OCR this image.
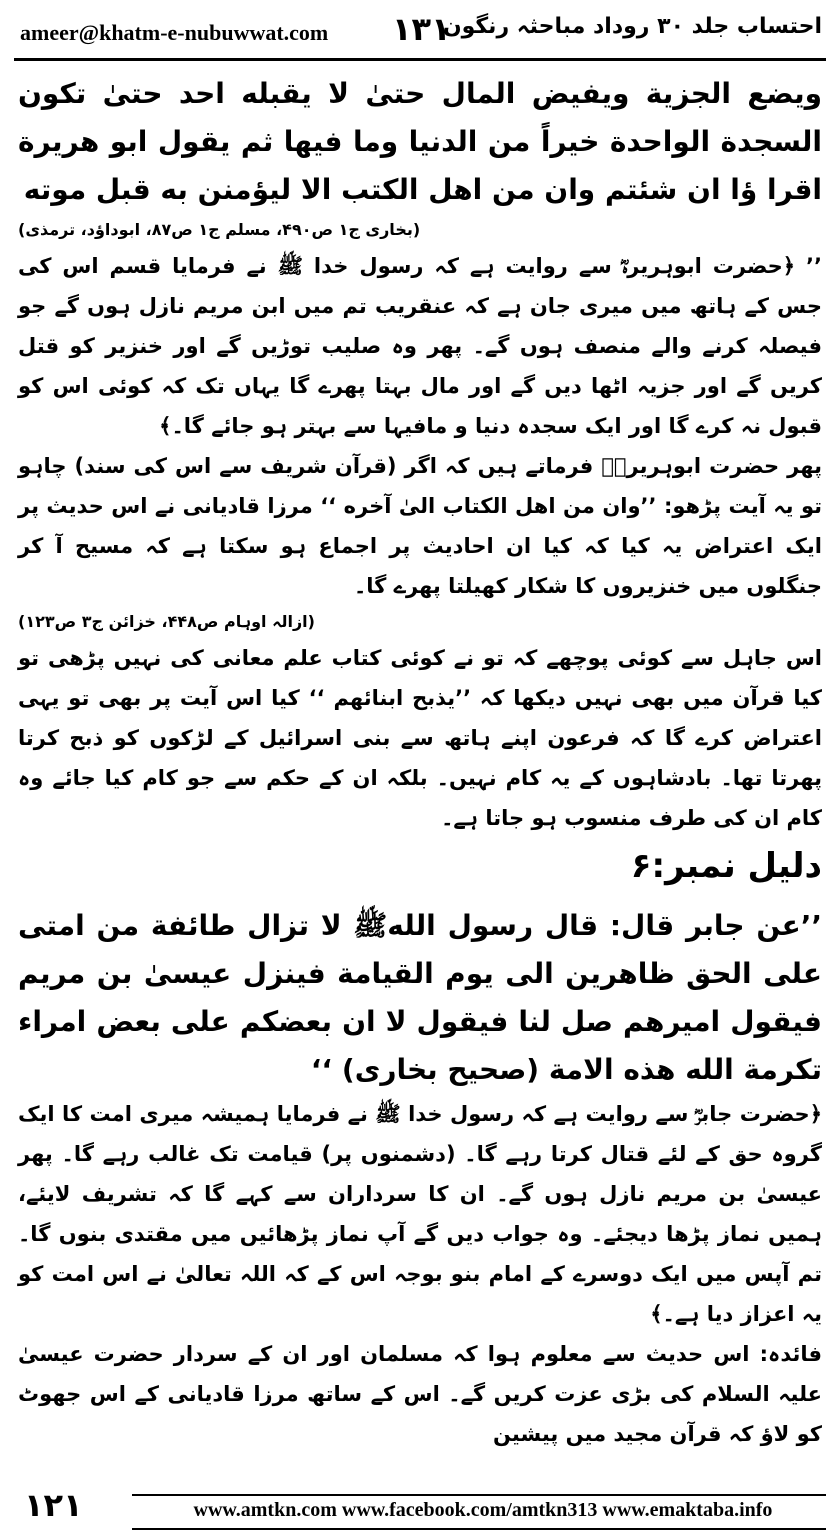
ameer@khatm-e-nubuwwat.com ۱۳۱
احتساب جلد ۳۰ روداد مباحثہ رنگون

ویضع الجزیة ویفیض المال حتیٰ لا یقبله احد حتیٰ تکون السجدة الواحدة خیراً من الدنیا وما فیها ثم یقول ابو هریرة اقرا ؤا ان شئتم وان من اهل الکتب الا لیؤمنن به قبل موته

(بخاری ج۱ ص۴۹۰، مسلم ج۱ ص۸۷، ابوداؤد، ترمذی)

’’ ﴿حضرت ابوہریرہؓ سے روایت ہے کہ رسول خدا ﷺ نے فرمایا قسم اس کی جس کے ہاتھ میں میری جان ہے کہ عنقریب تم میں ابن مریم نازل ہوں گے جو فیصلہ کرنے والے منصف ہوں گے۔ پھر وہ صلیب توڑیں گے اور خنزیر کو قتل کریں گے اور جزیہ اٹھا دیں گے اور مال بہتا پھرے گا یہاں تک کہ کوئی اس کو قبول نہ کرے گا اور ایک سجدہ دنیا و مافیہا سے بہتر ہو جائے گا۔﴾

پھر حضرت ابوہریرہؓ فرماتے ہیں کہ اگر (قرآن شریف سے اس کی سند) چاہو تو یہ آیت پڑھو: ’’وان من اهل الکتاب الیٰ آخره ‘‘ مرزا قادیانی نے اس حدیث پر ایک اعتراض یہ کیا کہ کیا ان احادیث پر اجماع ہو سکتا ہے کہ مسیح آ کر جنگلوں میں خنزیروں کا شکار کھیلتا پھرے گا۔

(ازالہ اوہام ص۴۴۸، خزائن ج۳ ص۱۲۳)

اس جاہل سے کوئی پوچھے کہ تو نے کوئی کتاب علم معانی کی نہیں پڑھی تو کیا قرآن میں بھی نہیں دیکھا کہ ’’یذبح ابنائهم ‘‘ کیا اس آیت پر بھی تو یہی اعتراض کرے گا کہ فرعون اپنے ہاتھ سے بنی اسرائیل کے لڑکوں کو ذبح کرتا پھرتا تھا۔ بادشاہوں کے یہ کام نہیں۔ بلکہ ان کے حکم سے جو کام کیا جائے وہ کام ان کی طرف منسوب ہو جاتا ہے۔

دلیل نمبر:۶

’’عن جابر قال: قال رسول اللهﷺ لا تزال طائفة من امتی علی الحق ظاهرین الی یوم القیامة فینزل عیسیٰ بن مریم فیقول امیرهم صل لنا فیقول لا ان بعضکم علی بعض امراء تکرمة الله هذه الامة (صحیح بخاری) ‘‘

﴿حضرت جابرؓ سے روایت ہے کہ رسول خدا ﷺ نے فرمایا ہمیشہ میری امت کا ایک گروہ حق کے لئے قتال کرتا رہے گا۔ (دشمنوں پر) قیامت تک غالب رہے گا۔ پھر عیسیٰ بن مریم نازل ہوں گے۔ ان کا سرداران سے کہے گا کہ تشریف لایئے، ہمیں نماز پڑھا دیجئے۔ وہ جواب دیں گے آپ نماز پڑھائیں میں مقتدی بنوں گا۔ تم آپس میں ایک دوسرے کے امام بنو بوجہ اس کے کہ اللہ تعالیٰ نے اس امت کو یہ اعزاز دیا ہے۔﴾

فائدہ: اس حدیث سے معلوم ہوا کہ مسلمان اور ان کے سردار حضرت عیسیٰ علیہ السلام کی بڑی عزت کریں گے۔ اس کے ساتھ مرزا قادیانی کے اس جھوٹ کو لاؤ کہ قرآن مجید میں پیشین

۱۲۱	www.amtkn.com www.facebook.com/amtkn313 www.emaktaba.info
